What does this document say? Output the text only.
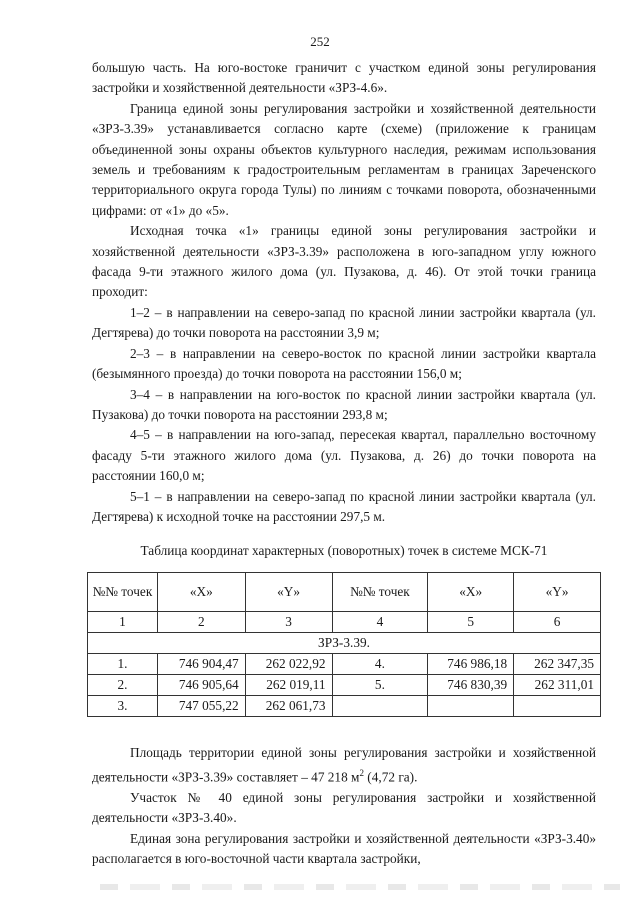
252

большую часть. На юго-востоке граничит с участком единой зоны регулирования застройки и хозяйственной деятельности «ЗРЗ-4.6».

Граница единой зоны регулирования застройки и хозяйственной деятельности «ЗРЗ-3.39» устанавливается согласно карте (схеме) (приложение к границам объединенной зоны охраны объектов культурного наследия, режимам использования земель и требованиям к градостроительным регламентам в границах Зареченского территориального округа города Тулы) по линиям с точками поворота, обозначенными цифрами: от «1» до «5».

Исходная точка «1» границы единой зоны регулирования застройки и хозяйственной деятельности «ЗРЗ-3.39» расположена в юго-западном углу южного фасада 9-ти этажного жилого дома (ул. Пузакова, д. 46). От этой точки граница проходит:

1–2 – в направлении на северо-запад по красной линии застройки квартала (ул. Дегтярева) до точки поворота на расстоянии 3,9 м;

2–3 – в направлении на северо-восток по красной линии застройки квартала (безымянного проезда) до точки поворота на расстоянии 156,0 м;

3–4 – в направлении на юго-восток по красной линии застройки квартала (ул. Пузакова) до точки поворота на расстоянии 293,8 м;

4–5 – в направлении на юго-запад, пересекая квартал, параллельно восточному фасаду 5-ти этажного жилого дома (ул. Пузакова, д. 26) до точки поворота на расстоянии 160,0 м;

5–1 – в направлении на северо-запад по красной линии застройки квартала (ул. Дегтярева) к исходной точке на расстоянии 297,5 м.

Таблица координат характерных (поворотных) точек в системе МСК-71
№№ точек	«X»	«Y»	№№ точек	«X»	«Y»
1	2	3	4	5	6
ЗРЗ-3.39.					
1.	746 904,47	262 022,92	4.	746 986,18	262 347,35
2.	746 905,64	262 019,11	5.	746 830,39	262 311,01
3.	747 055,22	262 061,73			

Площадь территории единой зоны регулирования застройки и хозяйственной деятельности «ЗРЗ-3.39» составляет – 47 218 $м^2$ (4,72 га).

Участок № 40 единой зоны регулирования застройки и хозяйственной деятельности «ЗРЗ-3.40».

Единая зона регулирования застройки и хозяйственной деятельности «ЗРЗ-3.40» располагается в юго-восточной части квартала застройки,
